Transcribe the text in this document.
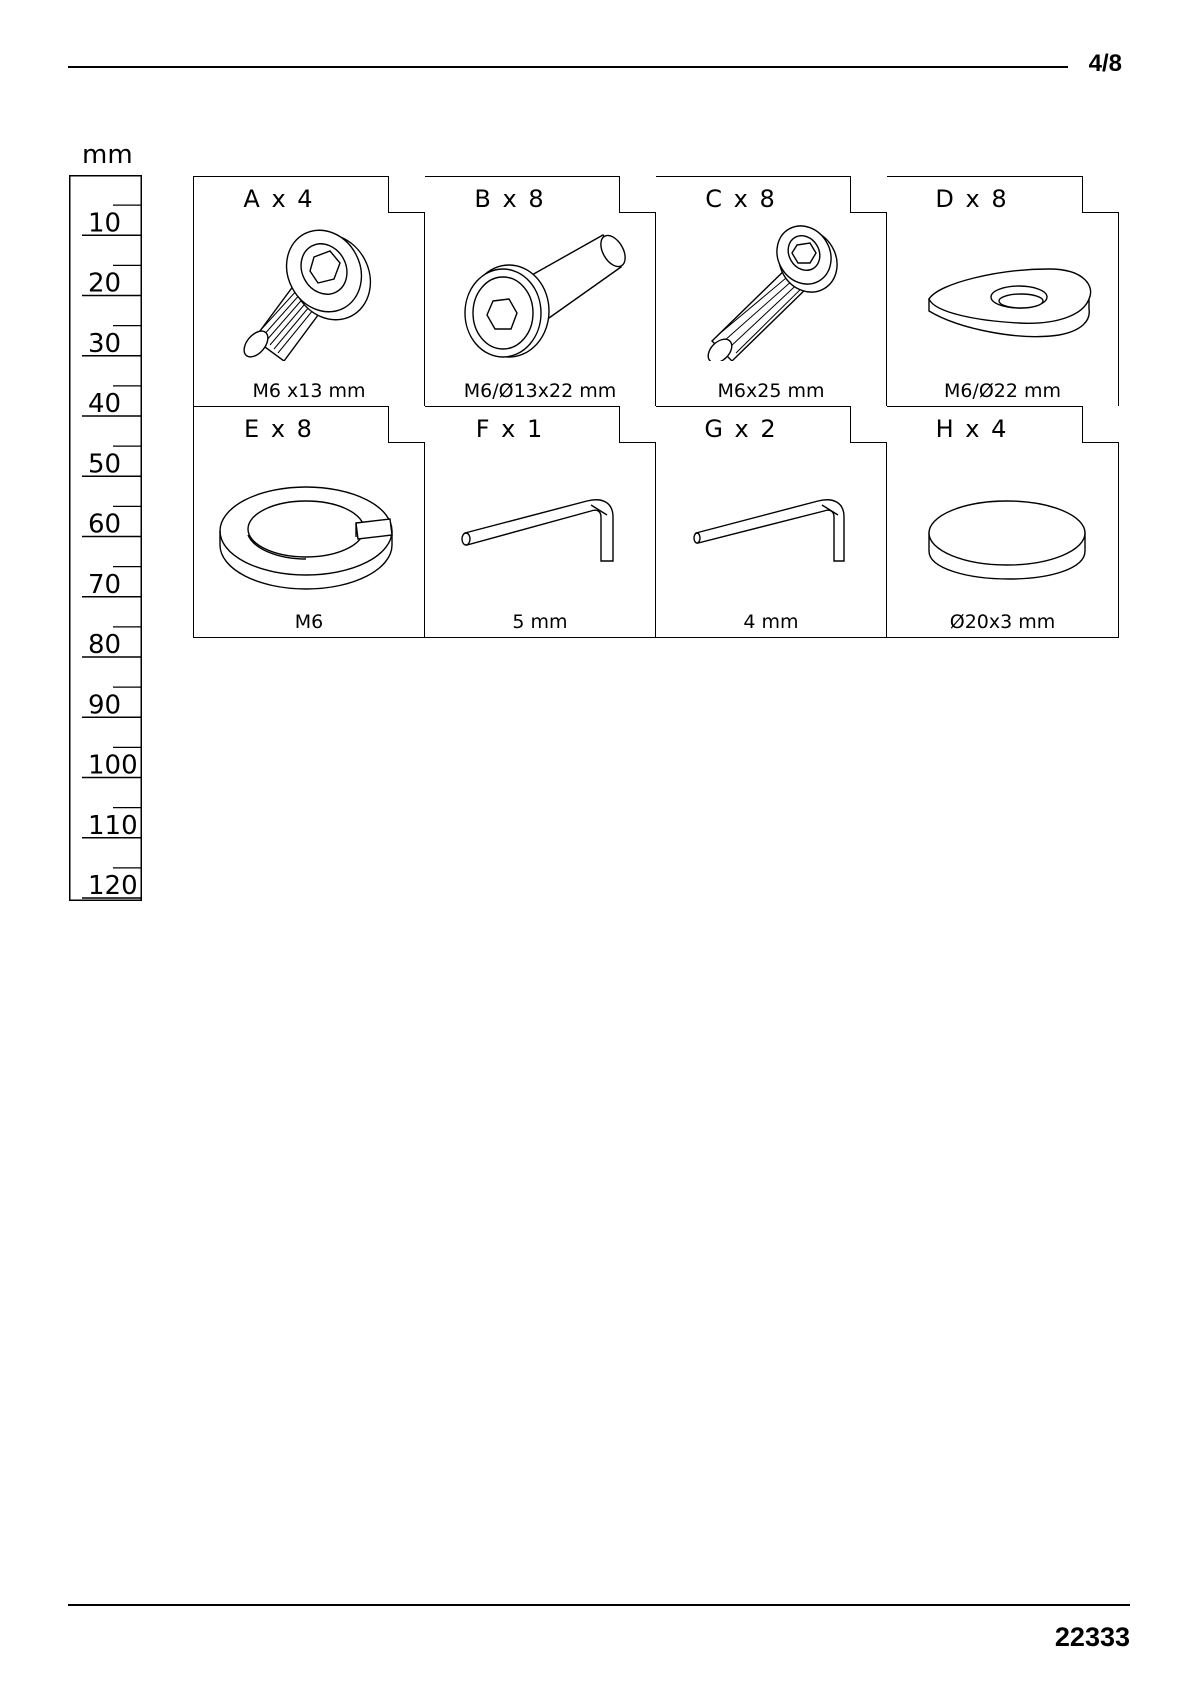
4/8
mm
10
20
30
40
50
60
70
80
90
100
110
120
A x 4
M6 x13 mm
B x 8
M6/Ø13x22 mm
C x 8
M6x25 mm
D x 8
M6/Ø22 mm
E x 8
M6
F x 1
5 mm
G x 2
4 mm
H x 4
Ø20x3 mm
22333
